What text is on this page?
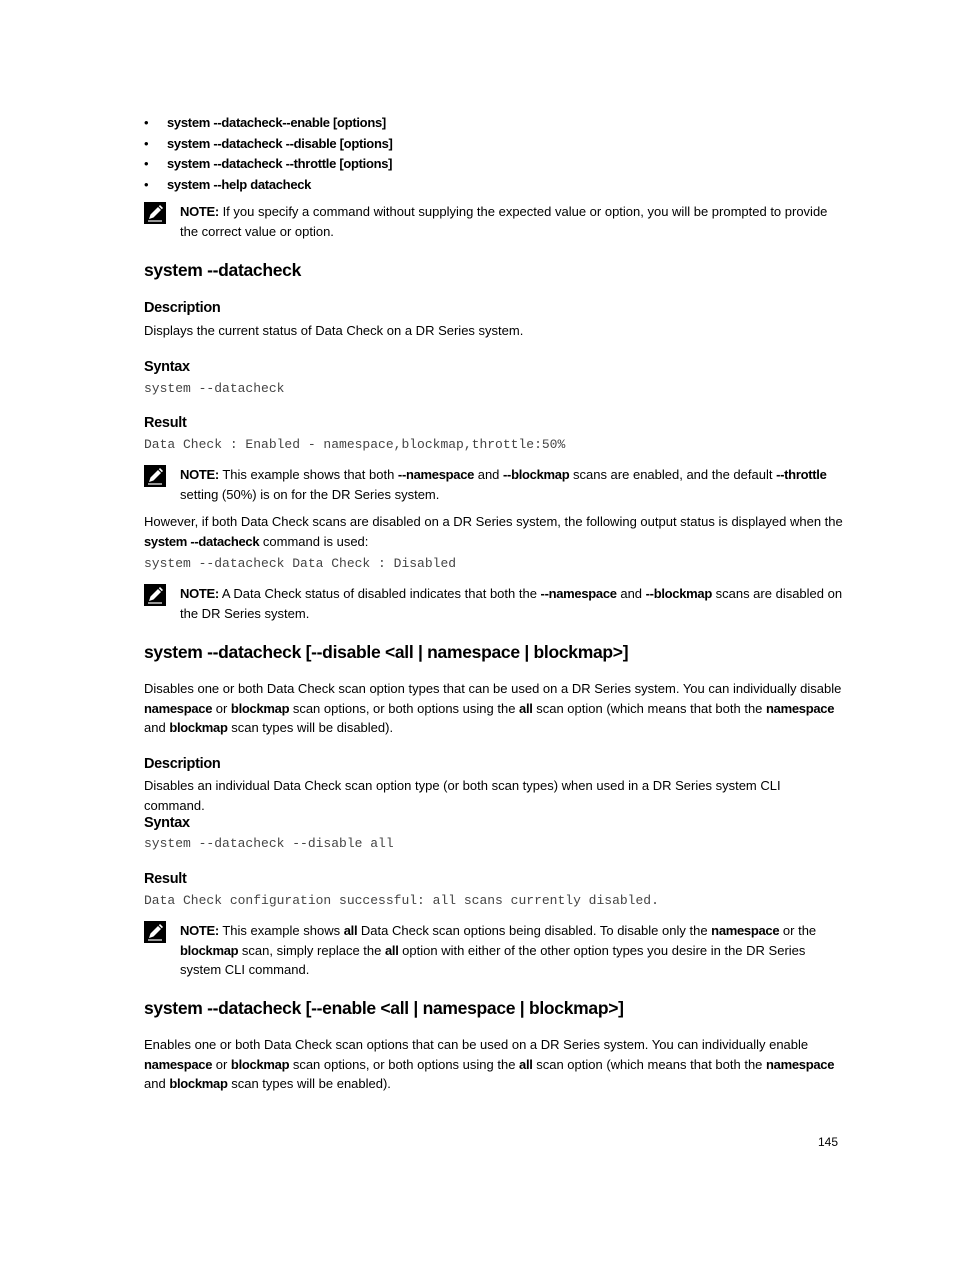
• system --datacheck--enable [options]
• system --datacheck --disable [options]
• system --datacheck --throttle [options]
• system --help datacheck
NOTE: If you specify a command without supplying the expected value or option, you will be prompted to provide the correct value or option.
system --datacheck
Description
Displays the current status of Data Check on a DR Series system.
Syntax
system --datacheck
Result
Data Check : Enabled - namespace,blockmap,throttle:50%
NOTE: This example shows that both --namespace and --blockmap scans are enabled, and the default --throttle setting (50%) is on for the DR Series system.
However, if both Data Check scans are disabled on a DR Series system, the following output status is displayed when the system --datacheck command is used:
system --datacheck Data Check : Disabled
NOTE: A Data Check status of disabled indicates that both the --namespace and --blockmap scans are disabled on the DR Series system.
system --datacheck [--disable <all | namespace | blockmap>]
Disables one or both Data Check scan option types that can be used on a DR Series system. You can individually disable namespace or blockmap scan options, or both options using the all scan option (which means that both the namespace and blockmap scan types will be disabled).
Description
Disables an individual Data Check scan option type (or both scan types) when used in a DR Series system CLI command.
Syntax
system --datacheck --disable all
Result
Data Check configuration successful: all scans currently disabled.
NOTE: This example shows all Data Check scan options being disabled. To disable only the namespace or the blockmap scan, simply replace the all option with either of the other option types you desire in the DR Series system CLI command.
system --datacheck [--enable <all | namespace | blockmap>]
Enables one or both Data Check scan options that can be used on a DR Series system. You can individually enable namespace or blockmap scan options, or both options using the all scan option (which means that both the namespace and blockmap scan types will be enabled).
145
